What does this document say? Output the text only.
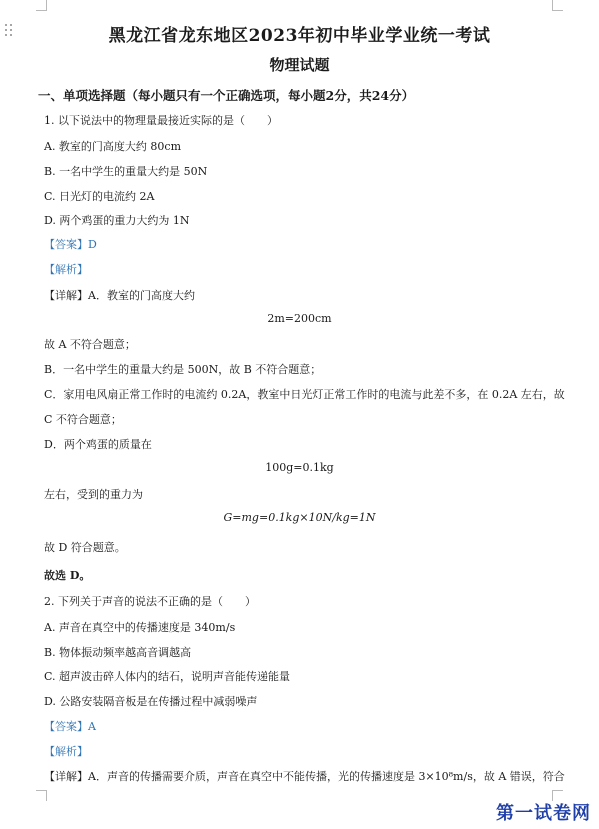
黑龙江省龙东地区2023年初中毕业学业统一考试
物理试题
一、单项选择题（每小题只有一个正确选项，每小题2分，共24分）
1. 以下说法中的物理量最接近实际的是（　　）
A. 教室的门高度大约 80cm
B. 一名中学生的重量大约是 50N
C. 日光灯的电流约 2A
D. 两个鸡蛋的重力大约为 1N
【答案】D
【解析】
【详解】A．教室的门高度大约
2m=200cm
故 A 不符合题意；
B．一名中学生的重量大约是 500N，故 B 不符合题意；
C．家用电风扇正常工作时的电流约 0.2A，教室中日光灯正常工作时的电流与此差不多，在 0.2A 左右，故
C 不符合题意；
D．两个鸡蛋的质量在
100g=0.1kg
左右，受到的重力为
G=mg=0.1kg×10N/kg=1N
故 D 符合题意。
故选 D。
2. 下列关于声音的说法不正确的是（　　）
A. 声音在真空中的传播速度是 340m/s
B. 物体振动频率越高音调越高
C. 超声波击碎人体内的结石，说明声音能传递能量
D. 公路安装隔音板是在传播过程中减弱噪声
【答案】A
【解析】
【详解】A．声音的传播需要介质，声音在真空中不能传播，光的传播速度是 3×10⁸m/s，故 A 错误，符合
第一试卷网
